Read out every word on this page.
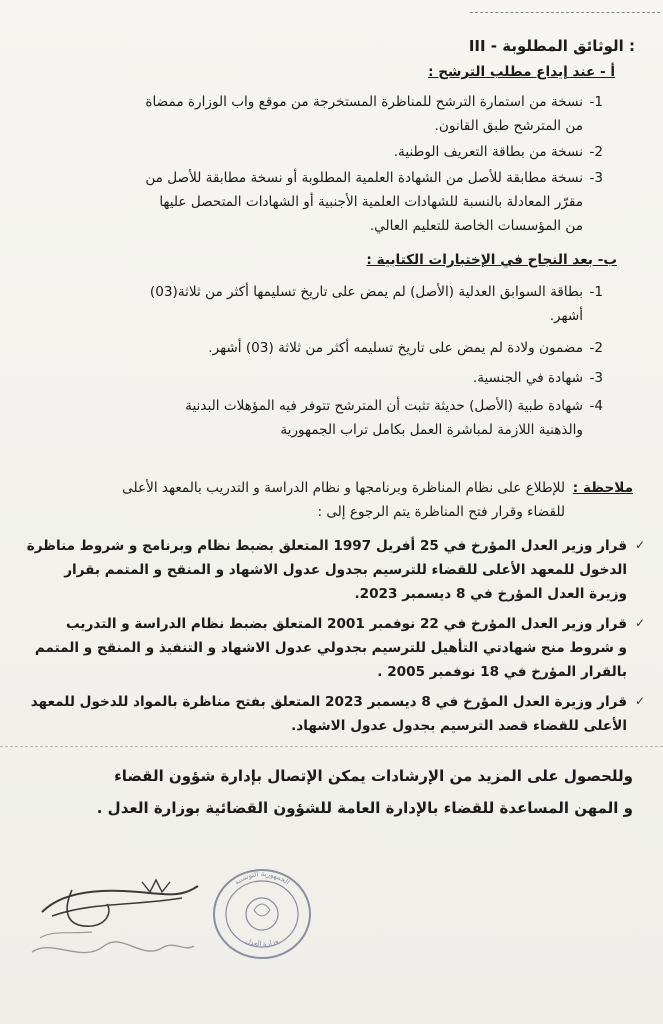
III - الوثائق المطلوبة :
أ - عند إيداع مطلب الترشح :
-1
نسخة من استمارة الترشح للمناظرة المستخرجة من موقع واب الوزارة ممضاة
من المترشح طبق القانون.
-2
نسخة من بطاقة التعريف الوطنية.
-3
نسخة مطابقة للأصل من الشهادة العلمية المطلوبة أو نسخة مطابقة للأصل من
مقرّر المعادلة بالنسبة للشهادات العلمية الأجنبية أو الشهادات المتحصل عليها
من المؤسسات الخاصة للتعليم العالي.
ب- بعد النجاح في الإختبارات الكتابية :
-1
بطاقة السوابق العدلية (الأصل) لم يمض على تاريخ تسليمها أكثر من ثلاثة(03)
أشهر.
-2
مضمون ولادة لم يمض على تاريخ تسليمه أكثر من ثلاثة (03) أشهر.
-3
شهادة في الجنسية.
-4
شهادة طبية (الأصل) حديثة تثبت أن المترشح تتوفر فيه المؤهلات البدنية
والذهنية اللازمة لمباشرة العمل بكامل تراب الجمهورية
ملاحظة :
للإطلاع على نظام المناظرة وبرنامجها و نظام الدراسة و التدريب بالمعهد الأعلى
للقضاء وقرار فتح المناظرة يتم الرجوع إلى :
✓
قرار وزير العدل المؤرخ في 25 أفريل 1997 المتعلق بضبط نظام وبرنامج و شروط مناظرة
الدخول للمعهد الأعلى للقضاء للترسيم بجدول عدول الاشهاد و المنقح و المتمم بقرار
وزيرة العدل المؤرخ في 8 ديسمبر 2023.
✓
قرار وزير العدل المؤرخ في 22 نوفمبر 2001 المتعلق بضبط نظام الدراسة و التدريب
و شروط منح شهادتي التأهيل للترسيم بجدولي عدول الاشهاد و التنفيذ و المنقح و المتمم
بالقرار المؤرخ في 18 نوفمبر 2005 .
✓
قرار وزيرة العدل المؤرخ في 8 ديسمبر 2023 المتعلق بفتح مناظرة بالمواد للدخول للمعهد
الأعلى للقضاء قصد الترسيم بجدول عدول الاشهاد.
وللحصول على المزيد من الإرشادات يمكن الإتصال بإدارة شؤون القضاء
و المهن المساعدة للقضاء بالإدارة العامة للشؤون القضائية بوزارة العدل .
الجمهورية التونسية
وزارة العدل
